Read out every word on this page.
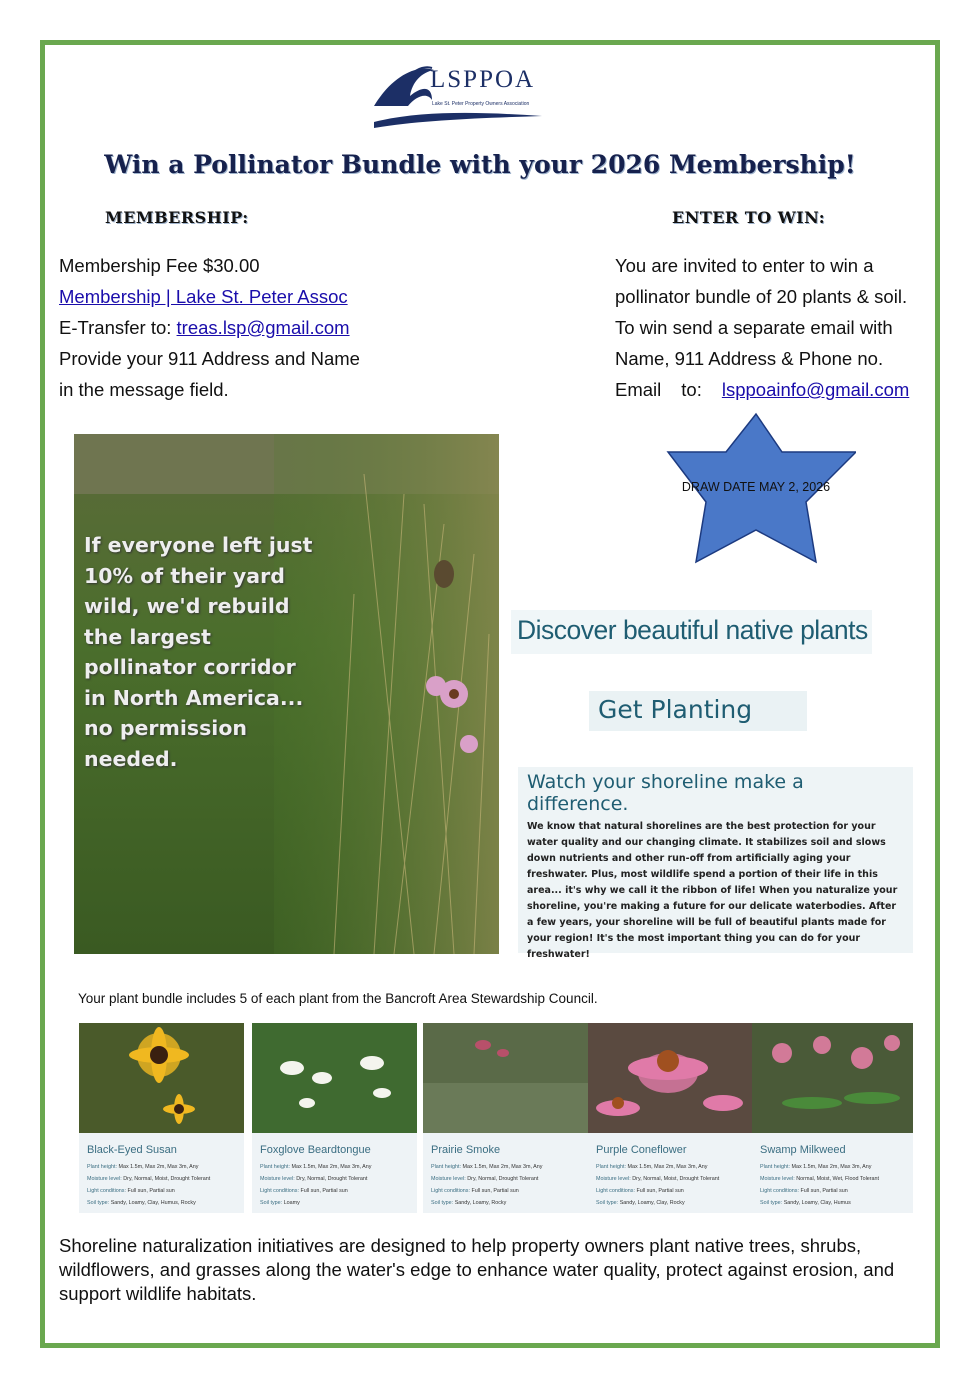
LSPPOA
Lake St. Peter Property Owners Association
Win a Pollinator Bundle with your 2026 Membership!
MEMBERSHIP:	ENTER TO WIN:
Membership Fee $30.00
Membership | Lake St. Peter Assoc
E-Transfer to: treas.lsp@gmail.com
Provide your 911 Address and Name
in the message field.
You are invited to enter to win a
pollinator bundle of 20 plants & soil.
To win send a separate email with
Name, 911 Address & Phone no.
Email to: lsppoainfo@gmail.com
If everyone left just 10% of their yard wild, we'd rebuild the largest pollinator corridor in North America... no permission needed.
DRAW DATE MAY 2, 2026
Discover beautiful native plants
Get Planting
Watch your shoreline make a difference.
We know that natural shorelines are the best protection for your water quality and our changing climate. It stabilizes soil and slows down nutrients and other run-off from artificially aging your freshwater. Plus, most wildlife spend a portion of their life in this area... it's why we call it the ribbon of life! When you naturalize your shoreline, you're making a future for our delicate waterbodies. After a few years, your shoreline will be full of beautiful plants made for your region! It's the most important thing you can do for your freshwater!
Your plant bundle includes 5 of each plant from the Bancroft Area Stewardship Council.
Black-Eyed Susan
Plant height: Max 1.5m, Max 2m, Max 3m, Any
Moisture level: Dry, Normal, Moist, Drought Tolerant
Light conditions: Full sun, Partial sun
Soil type: Sandy, Loamy, Clay, Humus, Rocky
Foxglove Beardtongue
Plant height: Max 1.5m, Max 2m, Max 3m, Any
Moisture level: Dry, Normal, Drought Tolerant
Light conditions: Full sun, Partial sun
Soil type: Loamy
Prairie Smoke
Plant height: Max 1.5m, Max 2m, Max 3m, Any
Moisture level: Dry, Normal, Drought Tolerant
Light conditions: Full sun, Partial sun
Soil type: Sandy, Loamy, Rocky
Purple Coneflower
Plant height: Max 1.5m, Max 2m, Max 3m, Any
Moisture level: Dry, Normal, Moist, Drought Tolerant
Light conditions: Full sun, Partial sun
Soil type: Sandy, Loamy, Clay, Rocky
Swamp Milkweed
Plant height: Max 1.5m, Max 2m, Max 3m, Any
Moisture level: Normal, Moist, Wet, Flood Tolerant
Light conditions: Full sun, Partial sun
Soil type: Sandy, Loamy, Clay, Humus
Shoreline naturalization initiatives are designed to help property owners plant native trees, shrubs, wildflowers, and grasses along the water's edge to enhance water quality, protect against erosion, and support wildlife habitats.
